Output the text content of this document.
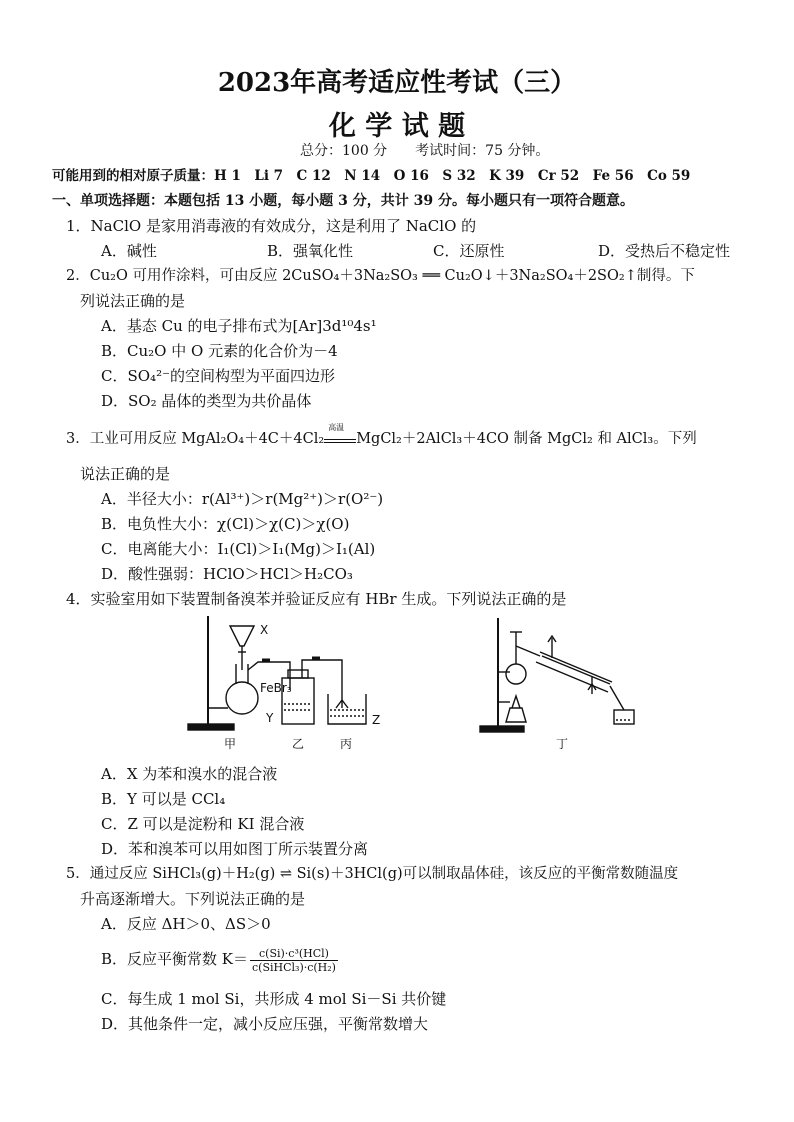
2023年高考适应性考试（三）
化 学 试 题
总分：100 分　　考试时间：75 分钟。
可能用到的相对原子质量：H 1　Li 7　C 12　N 14　O 16　S 32　K 39　Cr 52　Fe 56　Co 59
一、单项选择题：本题包括 13 小题，每小题 3 分，共计 39 分。每小题只有一项符合题意。
1．NaClO 是家用消毒液的有效成分，这是利用了 NaClO 的
A．碱性	B．强氧化性	C．还原性	D．受热后不稳定性
2．Cu₂O 可用作涂料，可由反应 2CuSO₄＋3Na₂SO₃ ══ Cu₂O↓＋3Na₂SO₄＋2SO₂↑制得。下
列说法正确的是
A．基态 Cu 的电子排布式为[Ar]3d¹⁰4s¹
B．Cu₂O 中 O 元素的化合价为－4
C．SO₄²⁻的空间构型为平面四边形
D．SO₂ 晶体的类型为共价晶体
3．工业可用反应 MgAl₂O₄＋4C＋4Cl₂
高温
MgCl₂＋2AlCl₃＋4CO 制备 MgCl₂ 和 AlCl₃。下列
说法正确的是
A．半径大小：r(Al³⁺)＞r(Mg²⁺)＞r(O²⁻)
B．电负性大小：χ(Cl)＞χ(C)＞χ(O)
C．电离能大小：I₁(Cl)＞I₁(Mg)＞I₁(Al)
D．酸性强弱：HClO＞HCl＞H₂CO₃
4．实验室用如下装置制备溴苯并验证反应有 HBr 生成。下列说法正确的是
X
FeBr₃
Y	Z
甲	乙	丙	丁
A．X 为苯和溴水的混合液
B．Y 可以是 CCl₄
C．Z 可以是淀粉和 KI 混合液
D．苯和溴苯可以用如图丁所示装置分离
5．通过反应 SiHCl₃(g)＋H₂(g) ⇌ Si(s)＋3HCl(g)可以制取晶体硅，该反应的平衡常数随温度
升高逐渐增大。下列说法正确的是
A．反应 ΔH＞0、ΔS＞0
B．反应平衡常数 $K= \frac{\text{c(Si)·c³(HCl)}}{\text{c(SiHCl₃)·c(H₂)}}$
C．每生成 1 mol Si，共形成 4 mol Si－Si 共价键
D．其他条件一定，减小反应压强，平衡常数增大
